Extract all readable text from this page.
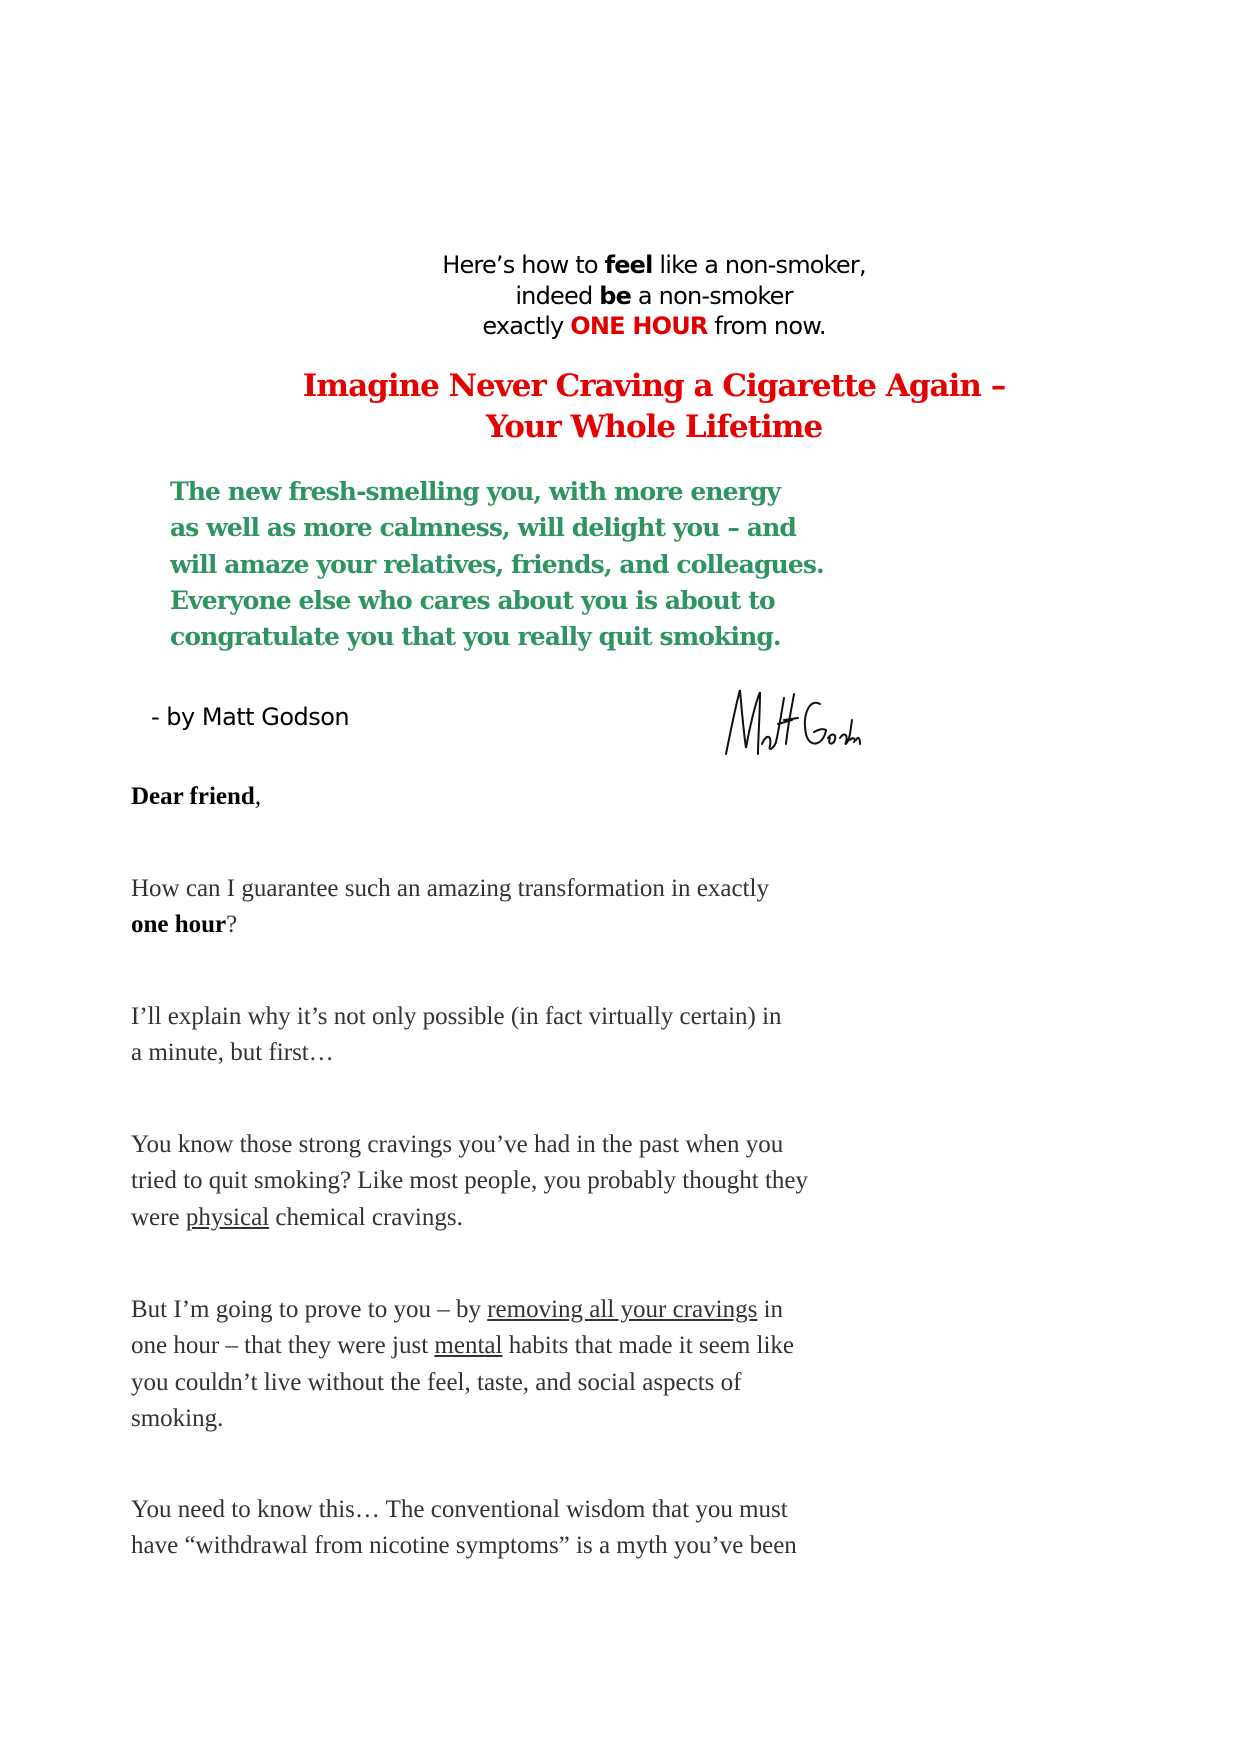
Here’s how to feel like a non-smoker,
indeed be a non-smoker
exactly ONE HOUR from now.
Imagine Never Craving a Cigarette Again –
Your Whole Lifetime
The new fresh-smelling you, with more energy
as well as more calmness, will delight you – and
will amaze your relatives, friends, and colleagues.
Everyone else who cares about you is about to
congratulate you that you really quit smoking.
- by Matt Godson
Dear friend,
How can I guarantee such an amazing transformation in exactly
one hour?
I’ll explain why it’s not only possible (in fact virtually certain) in
a minute, but first…
You know those strong cravings you’ve had in the past when you
tried to quit smoking? Like most people, you probably thought they
were physical chemical cravings.
But I’m going to prove to you – by removing all your cravings in
one hour – that they were just mental habits that made it seem like
you couldn’t live without the feel, taste, and social aspects of
smoking.
You need to know this… The conventional wisdom that you must
have “withdrawal from nicotine symptoms” is a myth you’ve been
